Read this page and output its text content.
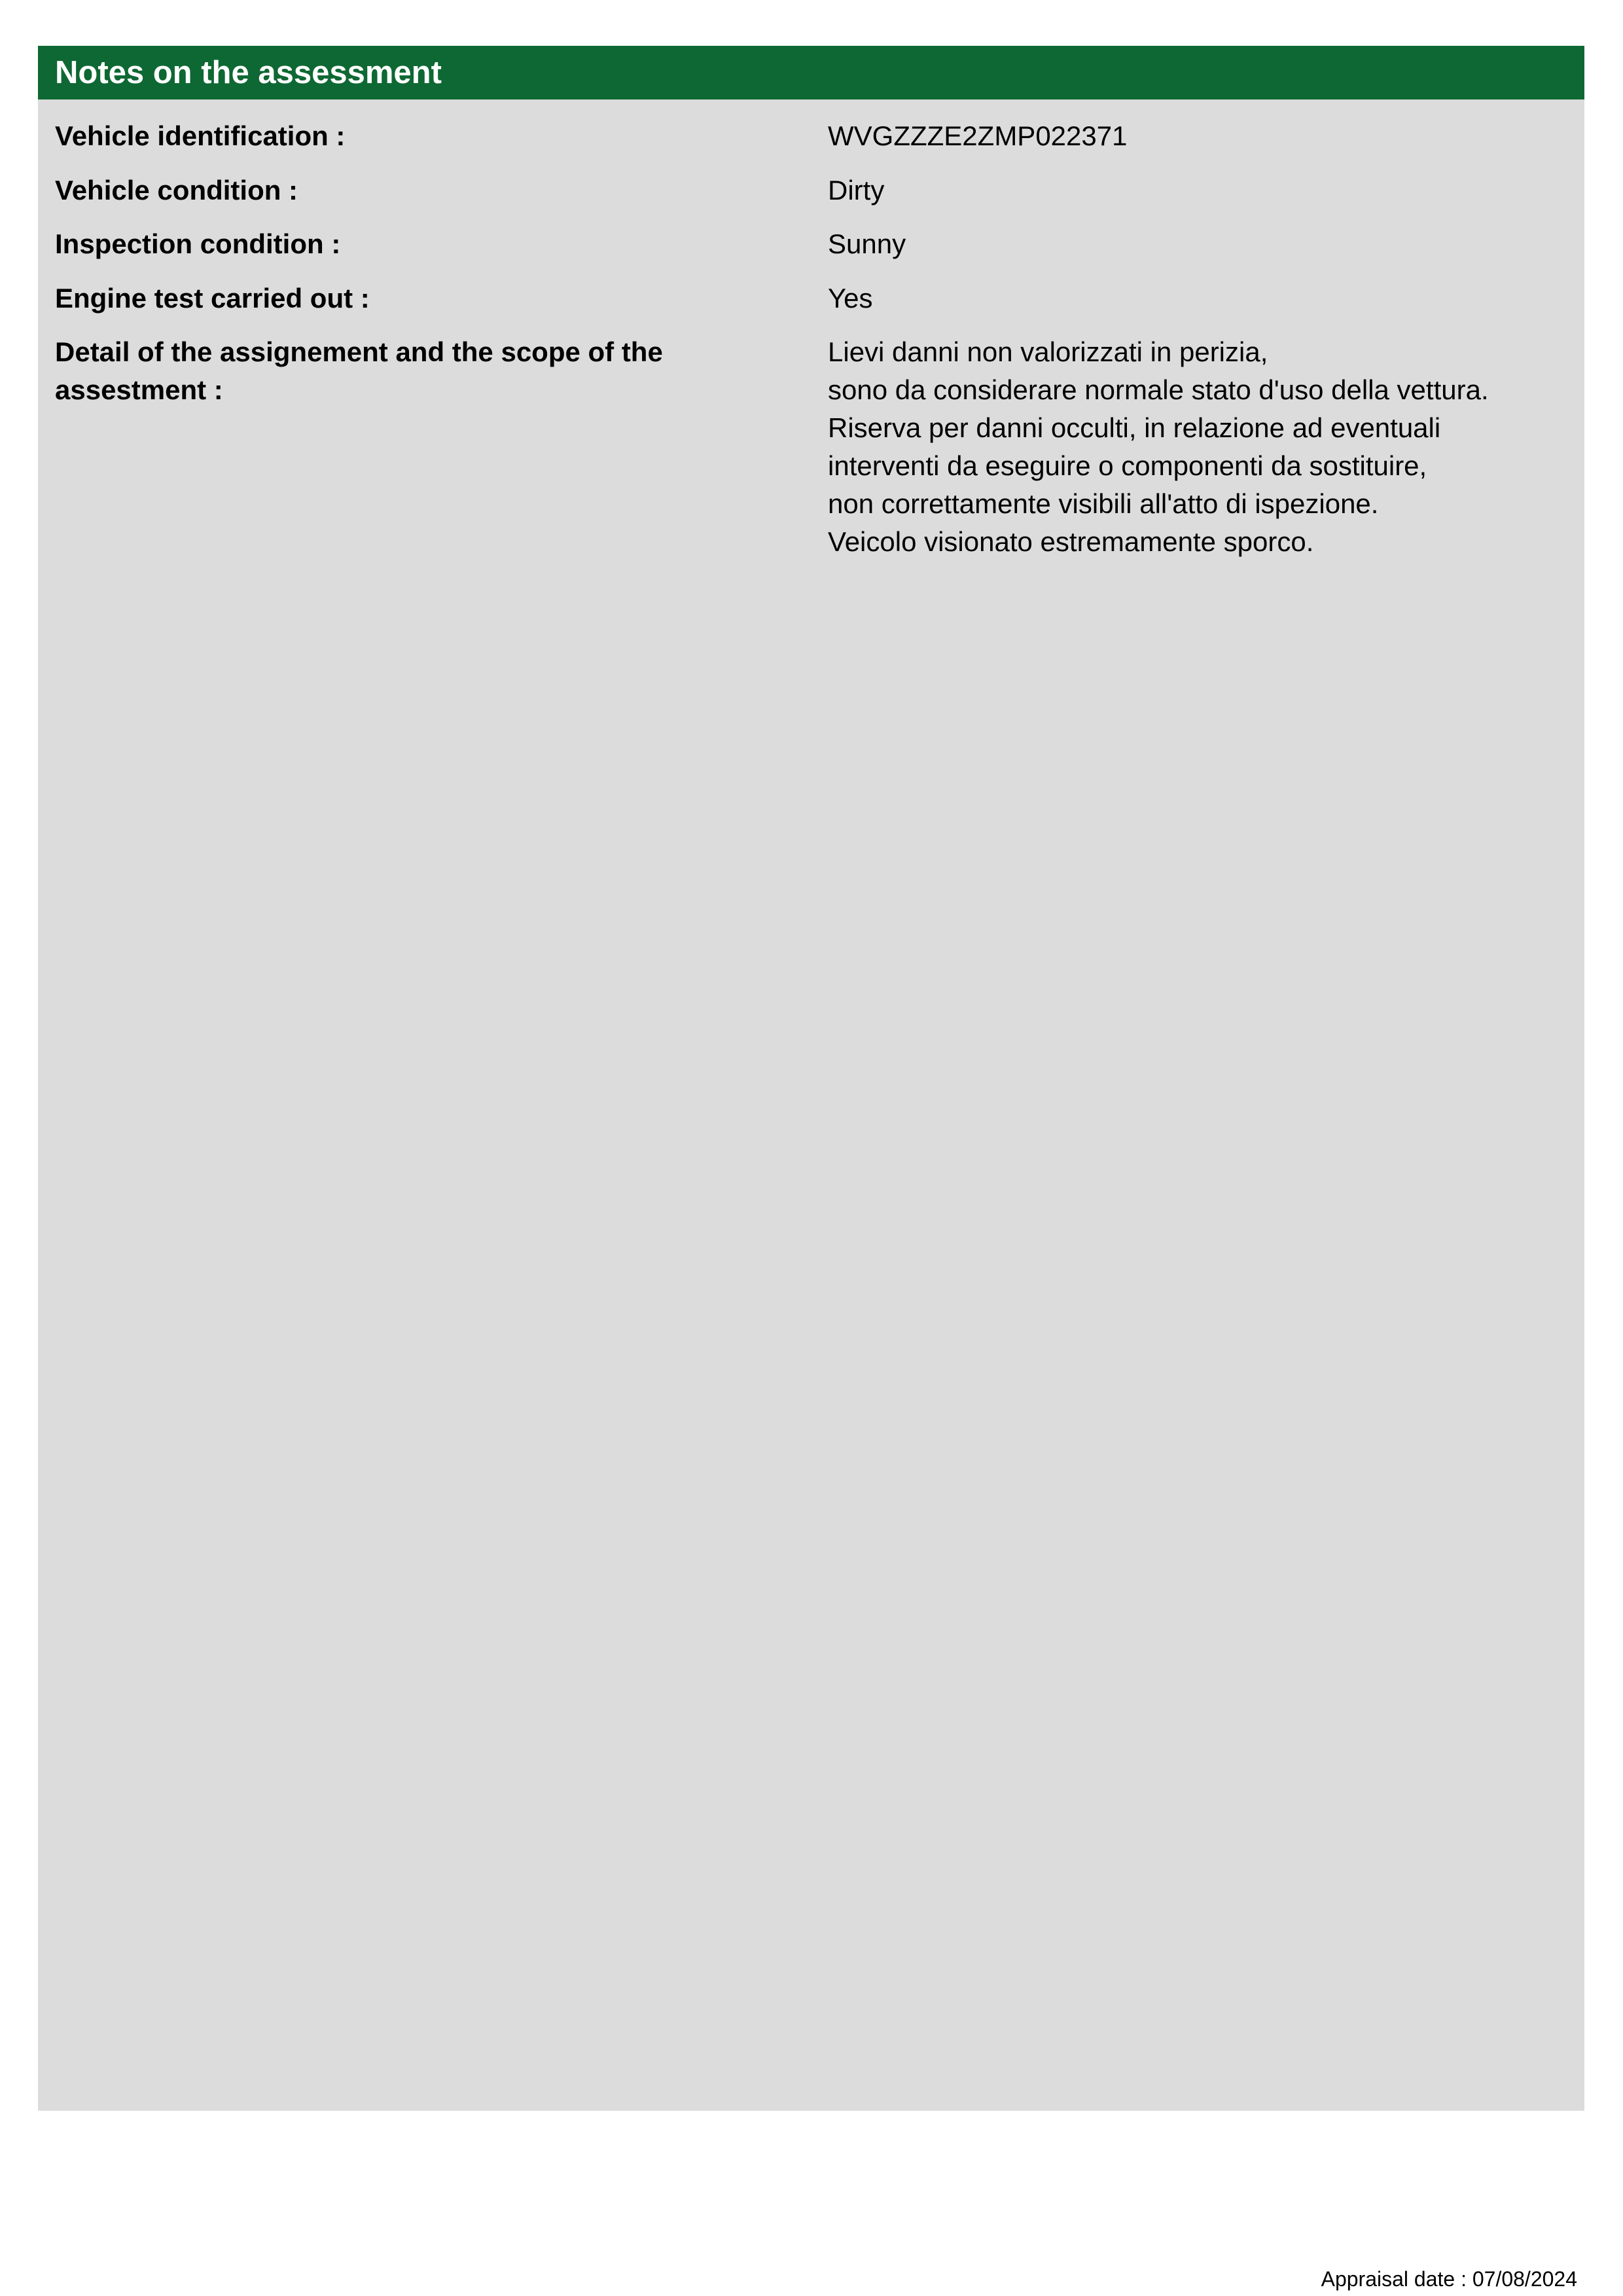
Notes on the assessment
Vehicle identification :	WVGZZZE2ZMP022371
Vehicle condition :	Dirty
Inspection condition :	Sunny
Engine test carried out :	Yes
Detail of the assignement and the scope of the assestment :
Lievi danni non valorizzati in perizia,
sono da considerare normale stato d'uso della vettura.
Riserva per danni occulti, in relazione ad eventuali
interventi da eseguire o componenti da sostituire,
non correttamente visibili all'atto di ispezione.
Veicolo visionato estremamente sporco.
Appraisal date : 07/08/2024
